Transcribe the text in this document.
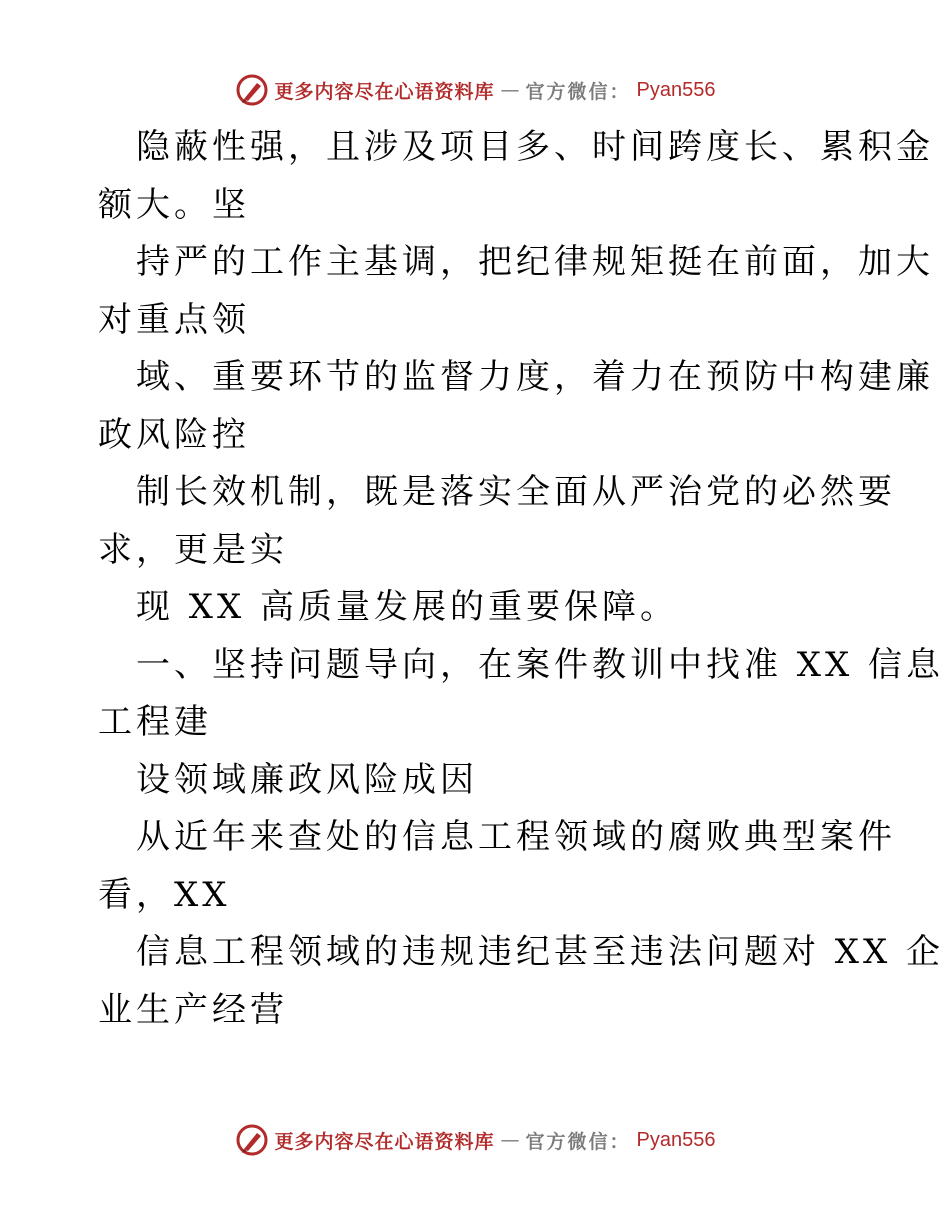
更多内容尽在心语资料库 — 官方微信： Pyan556
隐蔽性强，且涉及项目多、时间跨度长、累积金
额大。坚
持严的工作主基调，把纪律规矩挺在前面，加大
对重点领
域、重要环节的监督力度，着力在预防中构建廉
政风险控
制长效机制，既是落实全面从严治党的必然要
求，更是实
现 XX 高质量发展的重要保障。
一、坚持问题导向，在案件教训中找准 XX 信息
工程建
设领域廉政风险成因
从近年来查处的信息工程领域的腐败典型案件
看，XX
信息工程领域的违规违纪甚至违法问题对 XX 企
业生产经营
更多内容尽在心语资料库 — 官方微信： Pyan556
